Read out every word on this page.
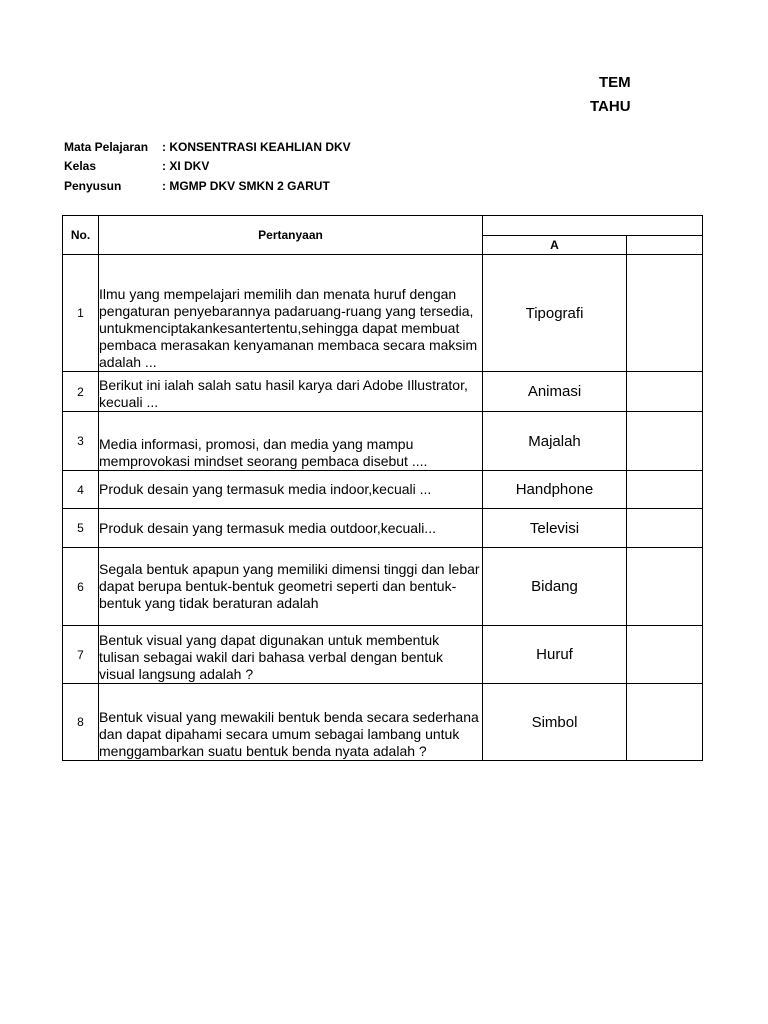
TEM
TAHU
Mata Pelajaran : KONSENTRASI KEAHLIAN DKV
Kelas	: XI DKV
Penyusun	: MGMP DKV SMKN 2 GARUT
No.	Pertanyaan		
		A	
1	Ilmu yang mempelajari memilih dan menata huruf dengan pengaturan penyebarannya padaruang-ruang yang tersedia, untukmenciptakankesantertentu,sehingga dapat membuat pembaca merasakan kenyamanan membaca secara maksim adalah ...	Tipografi	
2	Berikut ini ialah salah satu hasil karya dari Adobe Illustrator, kecuali ...	Animasi	
3	Media informasi, promosi, dan media yang mampu memprovokasi mindset seorang pembaca disebut ....	Majalah	
4	Produk desain yang termasuk media indoor,kecuali ...	Handphone	
5	Produk desain yang termasuk media outdoor,kecuali...	Televisi	
6	Segala bentuk apapun yang memiliki dimensi tinggi dan lebar dapat berupa bentuk-bentuk geometri seperti dan bentuk-bentuk yang tidak beraturan adalah	Bidang	
7	Bentuk visual yang dapat digunakan untuk membentuk tulisan sebagai wakil dari bahasa verbal dengan bentuk visual langsung adalah ?	Huruf	
8	Bentuk visual yang mewakili bentuk benda secara sederhana dan dapat dipahami secara umum sebagai lambang untuk menggambarkan suatu bentuk benda nyata adalah ?	Simbol	
